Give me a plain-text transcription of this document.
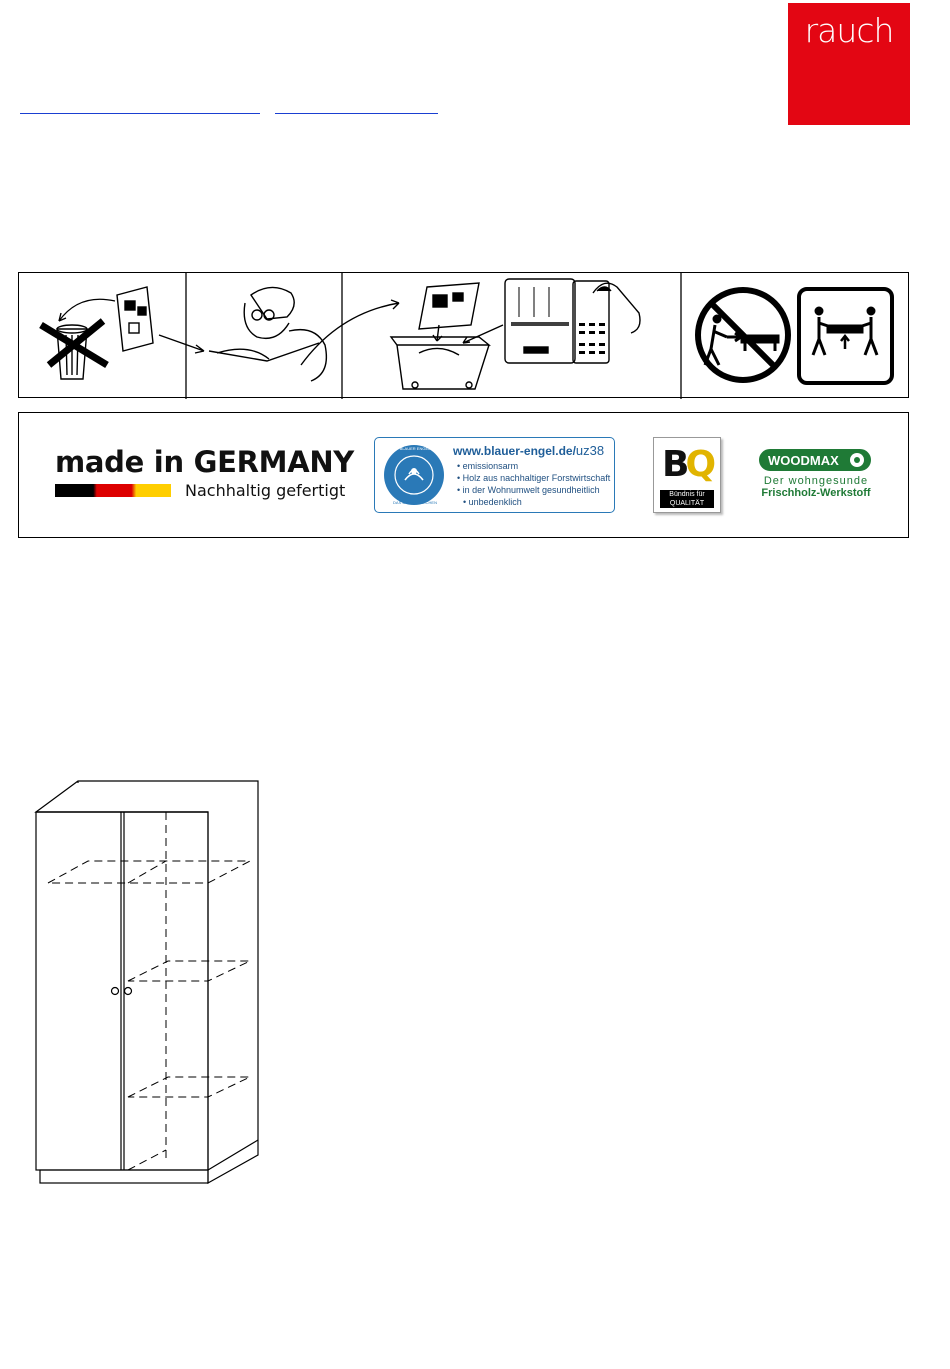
rauch
made in GERMANY
Nachhaltig gefertigt
www.blauer-engel.de/uz38
• emissionsarm
• Holz aus nachhaltiger Forstwirtschaft
• in der Wohnumwelt gesundheitlich
• unbedenklich
DAS UMWELTZEICHEN
BLAUER ENGEL	BQ
Bündnis für
QUALITÄT
WOODMAX
Der wohngesunde
Frischholz-Werkstoff
